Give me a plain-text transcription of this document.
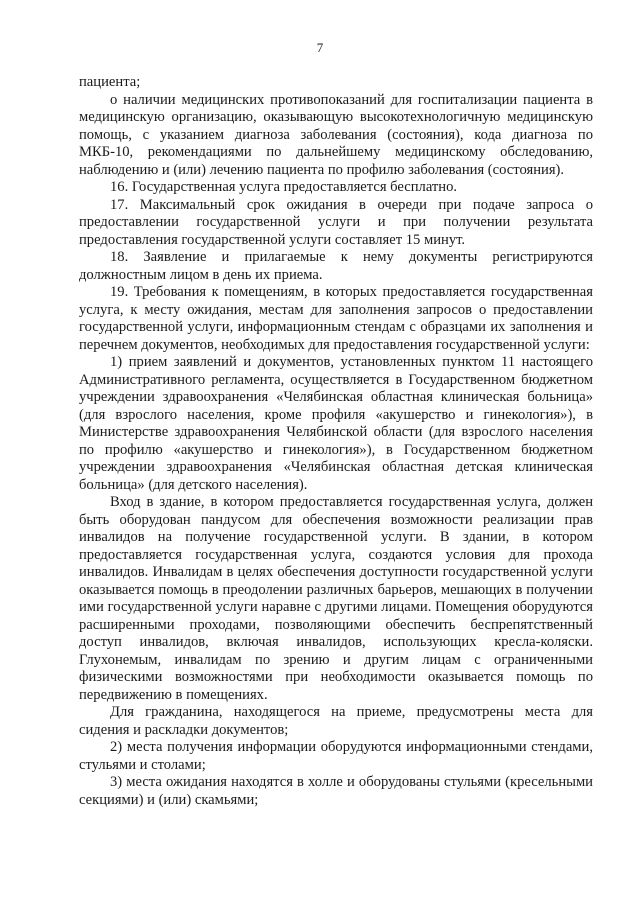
7

пациента;

о наличии медицинских противопоказаний для госпитализации пациента в медицинскую организацию, оказывающую высокотехнологичную медицинскую помощь, с указанием диагноза заболевания (состояния), кода диагноза по МКБ-10, рекомендациями по дальнейшему медицинскому обследованию, наблюдению и (или) лечению пациента по профилю заболевания (состояния).

16. Государственная услуга предоставляется бесплатно.

17. Максимальный срок ожидания в очереди при подаче запроса о предоставлении государственной услуги и при получении результата предоставления государственной услуги составляет 15 минут.

18. Заявление и прилагаемые к нему документы регистрируются должностным лицом в день их приема.

19. Требования к помещениям, в которых предоставляется государственная услуга, к месту ожидания, местам для заполнения запросов о предоставлении государственной услуги, информационным стендам с образцами их заполнения и перечнем документов, необходимых для предоставления государственной услуги:

1) прием заявлений и документов, установленных пунктом 11 настоящего Административного регламента, осуществляется в Государственном бюджетном учреждении здравоохранения «Челябинская областная клиническая больница» (для взрослого населения, кроме профиля «акушерство и гинекология»), в Министерстве здравоохранения Челябинской области (для взрослого населения по профилю «акушерство и гинекология»), в Государственном бюджетном учреждении здравоохранения «Челябинская областная детская клиническая больница» (для детского населения).

Вход в здание, в котором предоставляется государственная услуга, должен быть оборудован пандусом для обеспечения возможности реализации прав инвалидов на получение государственной услуги. В здании, в котором предоставляется государственная услуга, создаются условия для прохода инвалидов. Инвалидам в целях обеспечения доступности государственной услуги оказывается помощь в преодолении различных барьеров, мешающих в получении ими государственной услуги наравне с другими лицами. Помещения оборудуются расширенными проходами, позволяющими обеспечить беспрепятственный доступ инвалидов, включая инвалидов, использующих кресла-коляски. Глухонемым, инвалидам по зрению и другим лицам с ограниченными физическими возможностями при необходимости оказывается помощь по передвижению в помещениях.

Для гражданина, находящегося на приеме, предусмотрены места для сидения и раскладки документов;

2) места получения информации оборудуются информационными стендами, стульями и столами;

3) места ожидания находятся в холле и оборудованы стульями (кресельными секциями) и (или) скамьями;
